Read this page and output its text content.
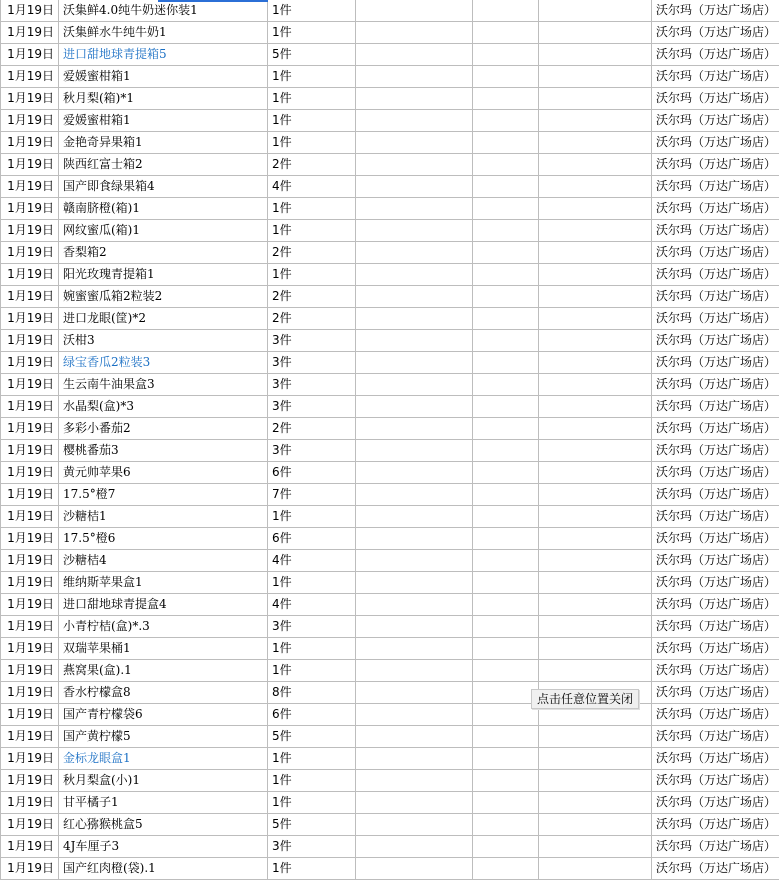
1月19日	沃集鲜4.0纯牛奶迷你装1	1件				沃尔玛（万达广场店）
1月19日	沃集鲜水牛纯牛奶1	1件				沃尔玛（万达广场店）
1月19日	进口甜地球青提箱5	5件				沃尔玛（万达广场店）
1月19日	爱媛蜜柑箱1	1件				沃尔玛（万达广场店）
1月19日	秋月梨(箱)*1	1件				沃尔玛（万达广场店）
1月19日	爱媛蜜柑箱1	1件				沃尔玛（万达广场店）
1月19日	金艳奇异果箱1	1件				沃尔玛（万达广场店）
1月19日	陕西红富士箱2	2件				沃尔玛（万达广场店）
1月19日	国产即食绿果箱4	4件				沃尔玛（万达广场店）
1月19日	赣南脐橙(箱)1	1件				沃尔玛（万达广场店）
1月19日	网纹蜜瓜(箱)1	1件				沃尔玛（万达广场店）
1月19日	香梨箱2	2件				沃尔玛（万达广场店）
1月19日	阳光玫瑰青提箱1	1件				沃尔玛（万达广场店）
1月19日	婉蜜蜜瓜箱2粒装2	2件				沃尔玛（万达广场店）
1月19日	进口龙眼(筐)*2	2件				沃尔玛（万达广场店）
1月19日	沃柑3	3件				沃尔玛（万达广场店）
1月19日	绿宝香瓜2粒装3	3件				沃尔玛（万达广场店）
1月19日	生云南牛油果盒3	3件				沃尔玛（万达广场店）
1月19日	水晶梨(盒)*3	3件				沃尔玛（万达广场店）
1月19日	多彩小番茄2	2件				沃尔玛（万达广场店）
1月19日	樱桃番茄3	3件				沃尔玛（万达广场店）
1月19日	黄元帅苹果6	6件				沃尔玛（万达广场店）
1月19日	17.5°橙7	7件				沃尔玛（万达广场店）
1月19日	沙糖桔1	1件				沃尔玛（万达广场店）
1月19日	17.5°橙6	6件				沃尔玛（万达广场店）
1月19日	沙糖桔4	4件				沃尔玛（万达广场店）
1月19日	维纳斯苹果盒1	1件				沃尔玛（万达广场店）
1月19日	进口甜地球青提盒4	4件				沃尔玛（万达广场店）
1月19日	小青柠桔(盒)*.3	3件				沃尔玛（万达广场店）
1月19日	双瑞苹果桶1	1件				沃尔玛（万达广场店）
1月19日	燕窝果(盒).1	1件				沃尔玛（万达广场店）
1月19日	香水柠檬盒8	8件				沃尔玛（万达广场店）
1月19日	国产青柠檬袋6	6件				沃尔玛（万达广场店）
1月19日	国产黄柠檬5	5件				沃尔玛（万达广场店）
1月19日	金标龙眼盒1	1件				沃尔玛（万达广场店）
1月19日	秋月梨盒(小)1	1件				沃尔玛（万达广场店）
1月19日	甘平橘子1	1件				沃尔玛（万达广场店）
1月19日	红心猕猴桃盒5	5件				沃尔玛（万达广场店）
1月19日	4J车厘子3	3件				沃尔玛（万达广场店）
1月19日	国产红肉橙(袋).1	1件				沃尔玛（万达广场店）
点击任意位置关闭
